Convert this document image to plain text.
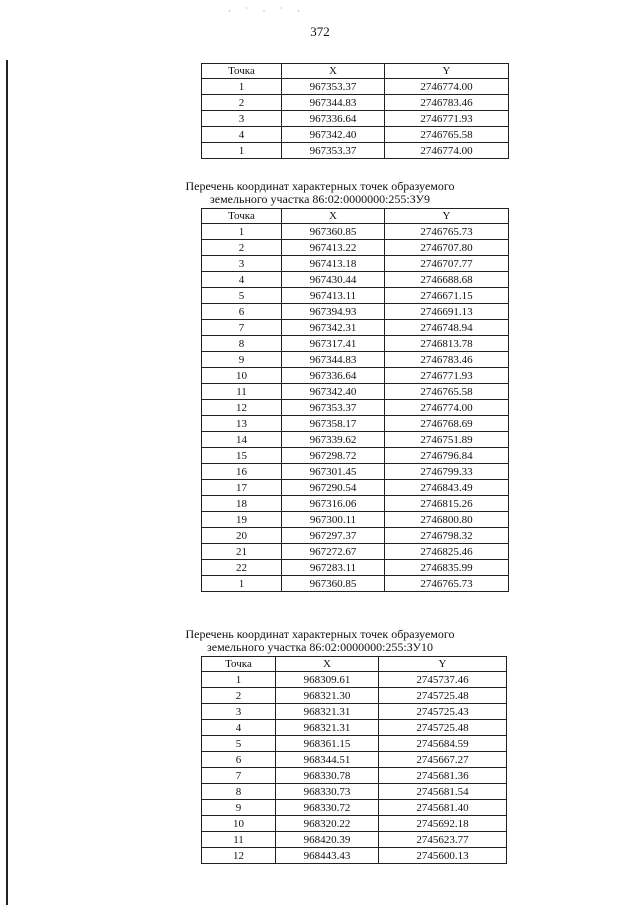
· ˙ · ˙ ·
372
Точка	X	Y
1	967353.37	2746774.00
2	967344.83	2746783.46
3	967336.64	2746771.93
4	967342.40	2746765.58
1	967353.37	2746774.00
Перечень координат характерных точек образуемого
земельного участка 86:02:0000000:255:ЗУ9
Точка	X	Y
1	967360.85	2746765.73
2	967413.22	2746707.80
3	967413.18	2746707.77
4	967430.44	2746688.68
5	967413.11	2746671.15
6	967394.93	2746691.13
7	967342.31	2746748.94
8	967317.41	2746813.78
9	967344.83	2746783.46
10	967336.64	2746771.93
11	967342.40	2746765.58
12	967353.37	2746774.00
13	967358.17	2746768.69
14	967339.62	2746751.89
15	967298.72	2746796.84
16	967301.45	2746799.33
17	967290.54	2746843.49
18	967316.06	2746815.26
19	967300.11	2746800.80
20	967297.37	2746798.32
21	967272.67	2746825.46
22	967283.11	2746835.99
1	967360.85	2746765.73
Перечень координат характерных точек образуемого
земельного участка 86:02:0000000:255:ЗУ10
Точка	X	Y
1	968309.61	2745737.46
2	968321.30	2745725.48
3	968321.31	2745725.43
4	968321.31	2745725.48
5	968361.15	2745684.59
6	968344.51	2745667.27
7	968330.78	2745681.36
8	968330.73	2745681.54
9	968330.72	2745681.40
10	968320.22	2745692.18
11	968420.39	2745623.77
12	968443.43	2745600.13
